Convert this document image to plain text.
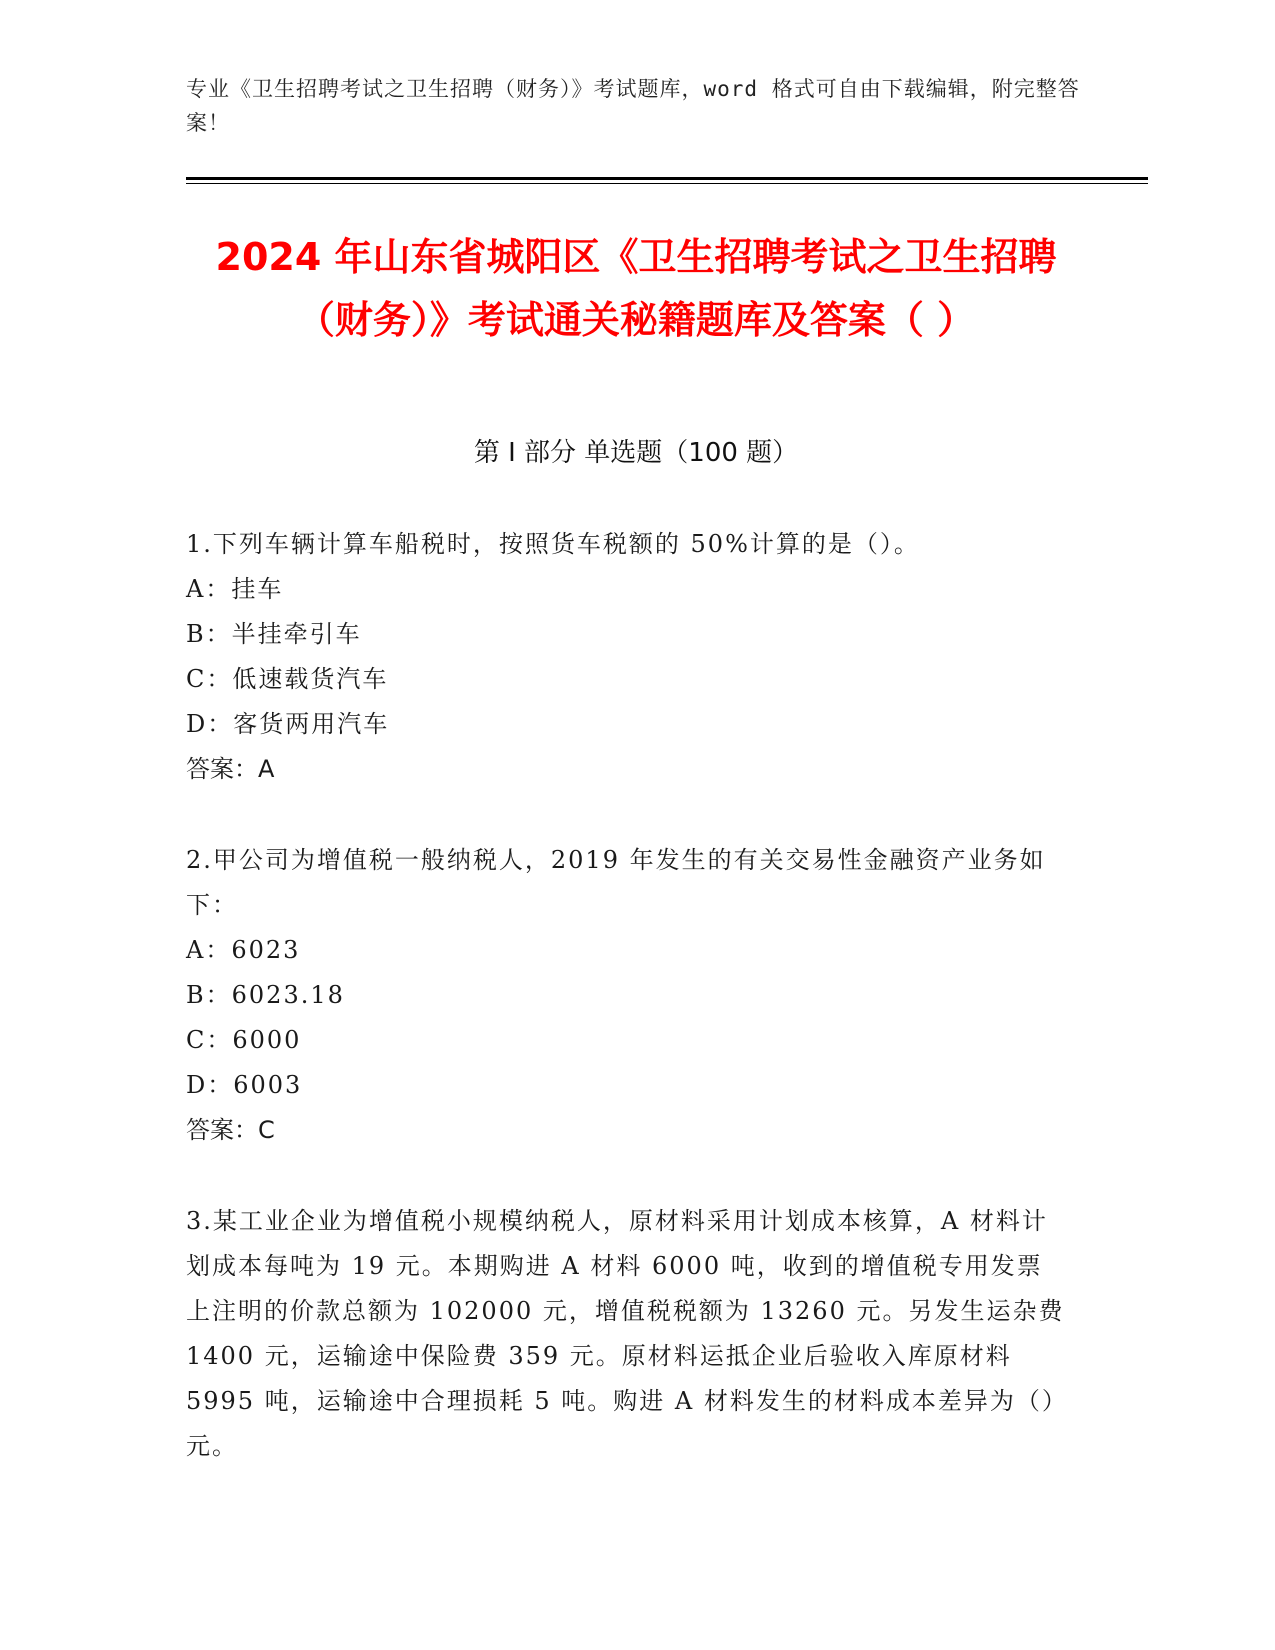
专业《卫生招聘考试之卫生招聘（财务）》考试题库，word 格式可自由下载编辑，附完整答案！
2024 年山东省城阳区《卫生招聘考试之卫生招聘（财务）》考试通关秘籍题库及答案（ ）
第 I 部分 单选题（100 题）

1.下列车辆计算车船税时，按照货车税额的 50%计算的是（）。

A：挂车

B：半挂牵引车

C：低速载货汽车

D：客货两用汽车

答案：A

2.甲公司为增值税一般纳税人，2019 年发生的有关交易性金融资产业务如下：

A：6023

B：6023.18

C：6000

D：6003

答案：C

3.某工业企业为增值税小规模纳税人，原材料采用计划成本核算，A 材料计划成本每吨为 19 元。本期购进 A 材料 6000 吨，收到的增值税专用发票上注明的价款总额为 102000 元，增值税税额为 13260 元。另发生运杂费 1400 元，运输途中保险费 359 元。原材料运抵企业后验收入库原材料 5995 吨，运输途中合理损耗 5 吨。购进 A 材料发生的材料成本差异为（）元。
